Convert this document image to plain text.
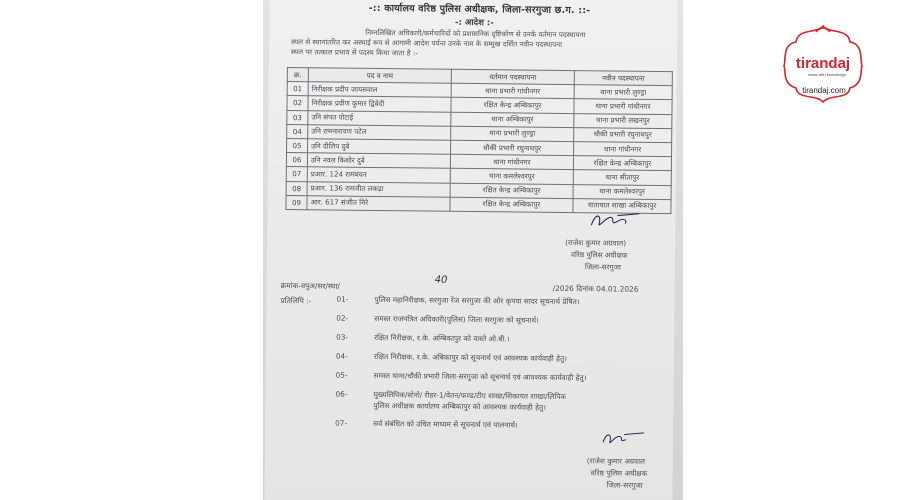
-:: कार्यालय वरिष्ठ पुलिस अधीक्षक, जिला-सरगुजा छ.ग. ::-
-: आदेश :-
निम्नलिखित अधिकारी/कर्मचारियों को प्रशासनिक दृष्टिकोण से उनके वर्तमान पदस्थापना
स्थल से स्थानांतरित कर अस्थाई रूप से आगामी आदेश पर्यन्त उनके नाम के सम्मुख दर्शित नवीन पदस्थापना
स्थल पर तत्काल प्रभाव से पदस्थ किया जाता है :-
क्र.	पद व नाम	वर्तमान पदस्थापना	नवीन पदस्थापना
01	निरीक्षक प्रदीप जायसवाल	थाना प्रभारी गांधीनगर	थाना प्रभारी लुण्ड्रा
02	निरीक्षक प्रवीण कुमार द्विवेदी	रक्षित केन्द्र अम्बिकापुर	थाना प्रभारी गांधीनगर
03	उनि संपत पोटाई	थाना अम्बिकापुर	थाना प्रभारी लखनपुर
04	उनि रामनारायण पटेल	थाना प्रभारी लुण्ड्रा	चौकी प्रभारी रघुनाथपुर
05	उनि दीलिप दुबे	चौकी प्रभारी रघुनाथपुर	थाना गांधीनगर
06	उनि नवल किशोर दुबे	थाना गांधीनगर	रक्षित केन्द्र अम्बिकापुर
07	प्रआर. 124 रामबचन	थाना कमलेश्वरपुर	थाना सीतापुर
08	प्रआर. 136 रामजीत लकड़ा	रक्षित केन्द्र अम्बिकापुर	थाना कमलेश्वरपुर
09	आर. 617 संजीत मिरे	रक्षित केन्द्र अम्बिकापुर	यातायात शाखा अम्बिकापुर
(राजेश कुमार अग्रवाल)
वरिष्ठ पुलिस अधीक्षक
जिला-सरगुजा
क्रमांक-वपुअ/सर/स्था/
40
/2026 दिनांक 04.01.2026
प्रतिलिपि :-	01-	पुलिस महानिरीक्षक, सरगुजा रेंज सरगुजा की ओर कृपया सादर सूचनार्थ प्रेषित।
02-	समस्त राजपत्रित अधिकारी(पुलिस) जिला सरगुजा को सूचनार्थ।
03-	रक्षित निरीक्षक, र.के. अम्बिकापुर को वास्ते ओ.बी.।
04-	रक्षित निरीक्षक, र.के. अंबिकापुर को सूचनार्थ एवं आवश्यक कार्यवाही हेतु।
05-	समस्त थाना/चौकी प्रभारी जिला-सरगुजा को सूचनार्थ एवं आवश्यक कार्यवाही हेतु।
06-	मुख्यलिपिक/स्टेनो/ रीडर-1/वेतन/फण्ड/टीए शाखा/शिकायत शाखा/लिपिक
पुलिस अधीक्षक कार्यालय अम्बिकापुर को आवश्यक कार्यवाही हेतु।
07-	सर्व संबंधित को उचित माध्यम से सूचनार्थ एवं पालनार्थ।
(राजेश कुमार अग्रवाल
वरिष्ठ पुलिस अधीक्षक
जिला-सरगुजा
tirandaj
news with knowledge
tirandaj.com
